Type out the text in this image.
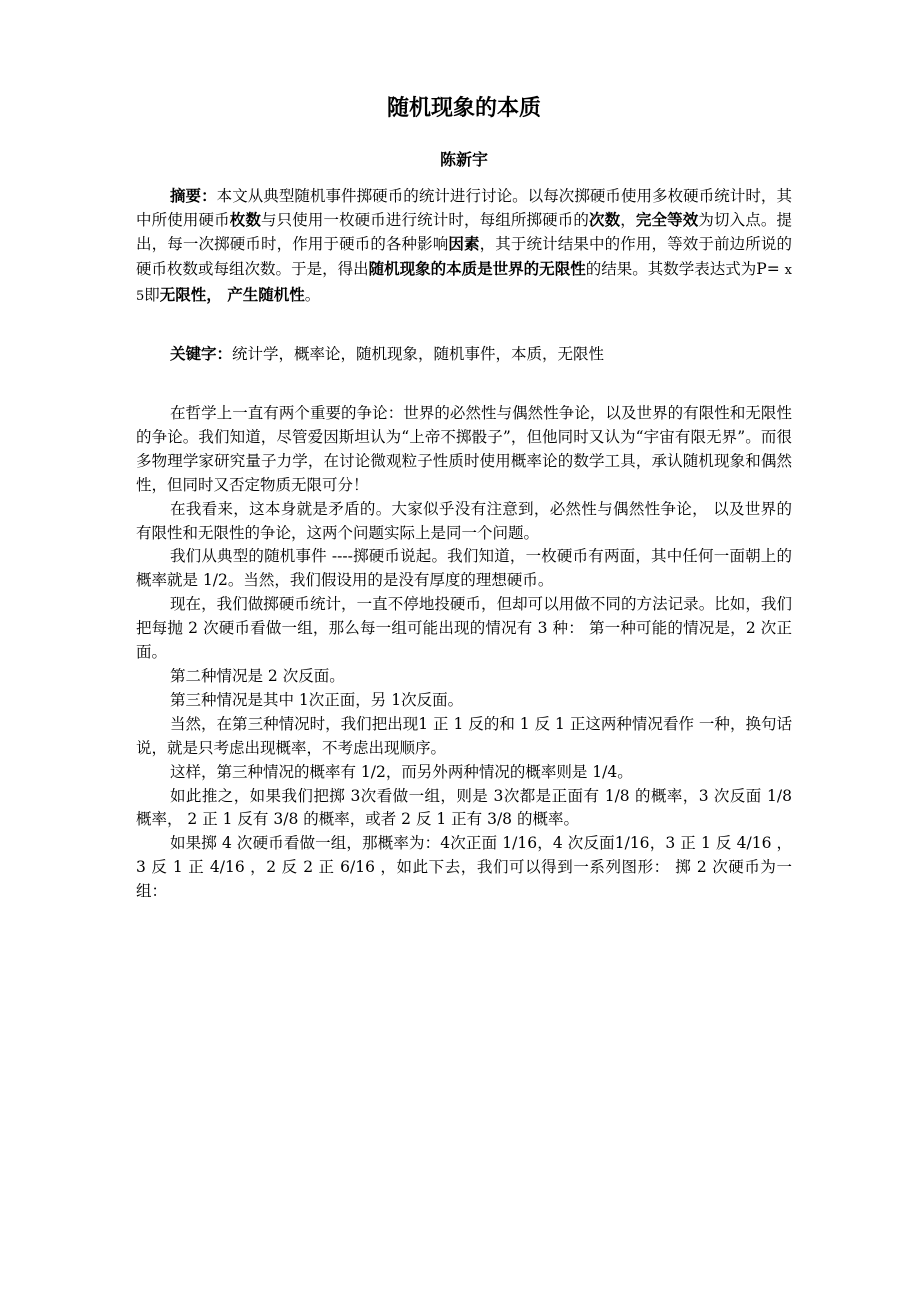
随机现象的本质
陈新宇

摘要：本文从典型随机事件掷硬币的统计进行讨论。以每次掷硬币使用多枚硬币统计时，其中所使用硬币枚数与只使用一枚硬币进行统计时，每组所掷硬币的次数，完全等效为切入点。提出，每一次掷硬币时，作用于硬币的各种影响因素，其于统计结果中的作用，等效于前边所说的硬币枚数或每组次数。于是，得出随机现象的本质是世界的无限性的结果。其数学表达式为P= x 5即无限性， 产生随机性。

关键字：统计学，概率论，随机现象，随机事件，本质，无限性

在哲学上一直有两个重要的争论：世界的必然性与偶然性争论，以及世界的有限性和无限性的争论。我们知道，尽管爱因斯坦认为“上帝不掷骰子”，但他同时又认为“宇宙有限无界”。而很多物理学家研究量子力学，在讨论微观粒子性质时使用概率论的数学工具，承认随机现象和偶然性，但同时又否定物质无限可分！

在我看来，这本身就是矛盾的。大家似乎没有注意到，必然性与偶然性争论， 以及世界的有限性和无限性的争论，这两个问题实际上是同一个问题。

我们从典型的随机事件 ----掷硬币说起。我们知道，一枚硬币有两面，其中任何一面朝上的概率就是 1/2。当然，我们假设用的是没有厚度的理想硬币。

现在，我们做掷硬币统计，一直不停地投硬币，但却可以用做不同的方法记录。比如，我们把每抛 2 次硬币看做一组，那么每一组可能出现的情况有 3 种： 第一种可能的情况是，2 次正面。

第二种情况是 2 次反面。

第三种情况是其中 1次正面，另 1次反面。

当然，在第三种情况时，我们把出现1 正 1 反的和 1 反 1 正这两种情况看作 一种，换句话说，就是只考虑出现概率，不考虑出现顺序。

这样，第三种情况的概率有 1/2，而另外两种情况的概率则是 1/4。

如此推之，如果我们把掷 3次看做一组，则是 3次都是正面有 1/8 的概率，3 次反面 1/8 概率， 2 正 1 反有 3/8 的概率，或者 2 反 1 正有 3/8 的概率。

如果掷 4 次硬币看做一组，那概率为：4次正面 1/16，4 次反面1/16，3 正 1 反 4/16 ，3 反 1 正 4/16 ，2 反 2 正 6/16 ，如此下去，我们可以得到一系列图形： 掷 2 次硬币为一组：
